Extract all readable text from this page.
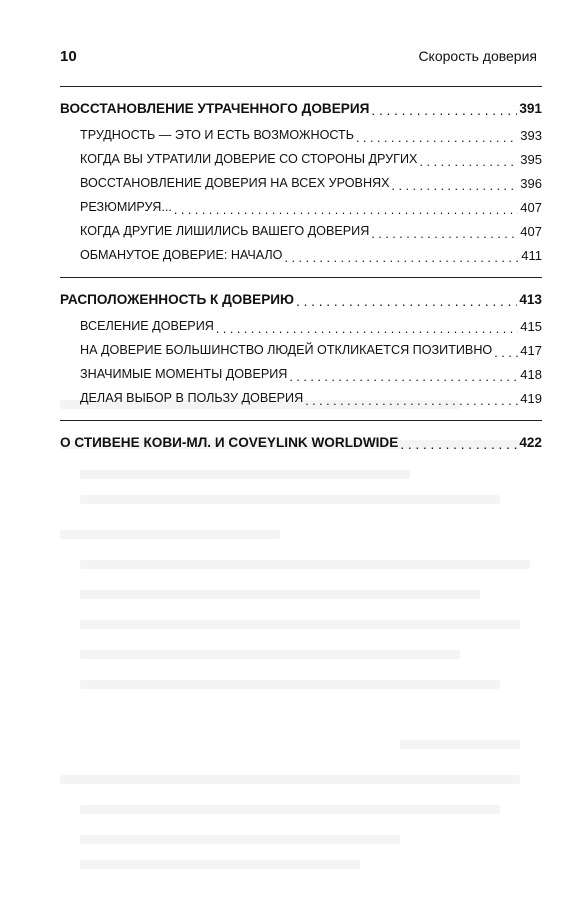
10	Скорость доверия
ВОССТАНОВЛЕНИЕ УТРАЧЕННОГО ДОВЕРИЯ . . .	391
ТРУДНОСТЬ — ЭТО И ЕСТЬ ВОЗМОЖНОСТЬ . . .	393
КОГДА ВЫ УТРАТИЛИ ДОВЕРИЕ СО СТОРОНЫ ДРУГИХ . . .	395
ВОССТАНОВЛЕНИЕ ДОВЕРИЯ НА ВСЕХ УРОВНЯХ . . .	396
РЕЗЮМИРУЯ... . . .	407
КОГДА ДРУГИЕ ЛИШИЛИСЬ ВАШЕГО ДОВЕРИЯ . . .	407
ОБМАНУТОЕ ДОВЕРИЕ: НАЧАЛО . . .	411
РАСПОЛОЖЕННОСТЬ К ДОВЕРИЮ . . .	413
ВСЕЛЕНИЕ ДОВЕРИЯ . . .	415
НА ДОВЕРИЕ БОЛЬШИНСТВО ЛЮДЕЙ ОТКЛИКАЕТСЯ ПОЗИТИВНО . . . 417
ЗНАЧИМЫЕ МОМЕНТЫ ДОВЕРИЯ . . .	418
ДЕЛАЯ ВЫБОР В ПОЛЬЗУ ДОВЕРИЯ . . .	419
О СТИВЕНЕ КОВИ-МЛ. И COVEYLINK WORLDWIDE . . .	422
